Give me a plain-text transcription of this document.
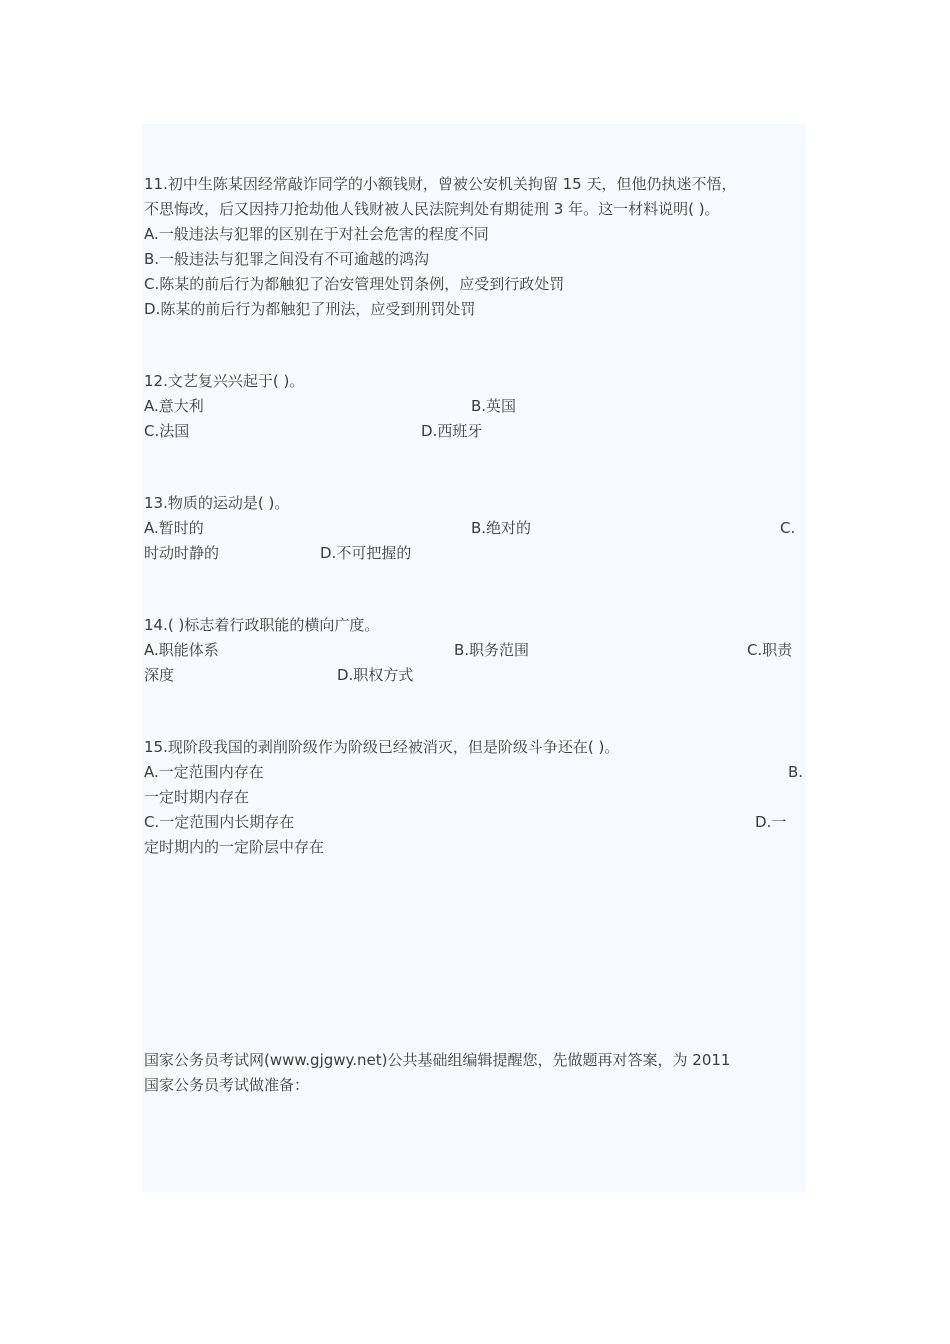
11.初中生陈某因经常敲诈同学的小额钱财，曾被公安机关拘留 15 天，但他仍执迷不悟，
不思悔改，后又因持刀抢劫他人钱财被人民法院判处有期徒刑 3 年。这一材料说明( )。
A.一般违法与犯罪的区别在于对社会危害的程度不同
B.一般违法与犯罪之间没有不可逾越的鸿沟
C.陈某的前后行为都触犯了治安管理处罚条例，应受到行政处罚
D.陈某的前后行为都触犯了刑法，应受到刑罚处罚
12.文艺复兴兴起于( )。
A.意大利	B.英国
C.法国	D.西班牙
13.物质的运动是( )。
A.暂时的	B.绝对的	C.
时动时静的	D.不可把握的
14.( )标志着行政职能的横向广度。
A.职能体系	B.职务范围	C.职责
深度	D.职权方式
15.现阶段我国的剥削阶级作为阶级已经被消灭，但是阶级斗争还在( )。
A.一定范围内存在	B.
一定时期内存在
C.一定范围内长期存在	D.一
定时期内的一定阶层中存在
国家公务员考试网(www.gjgwy.net)公共基础组编辑提醒您，先做题再对答案，为 2011
国家公务员考试做准备：
